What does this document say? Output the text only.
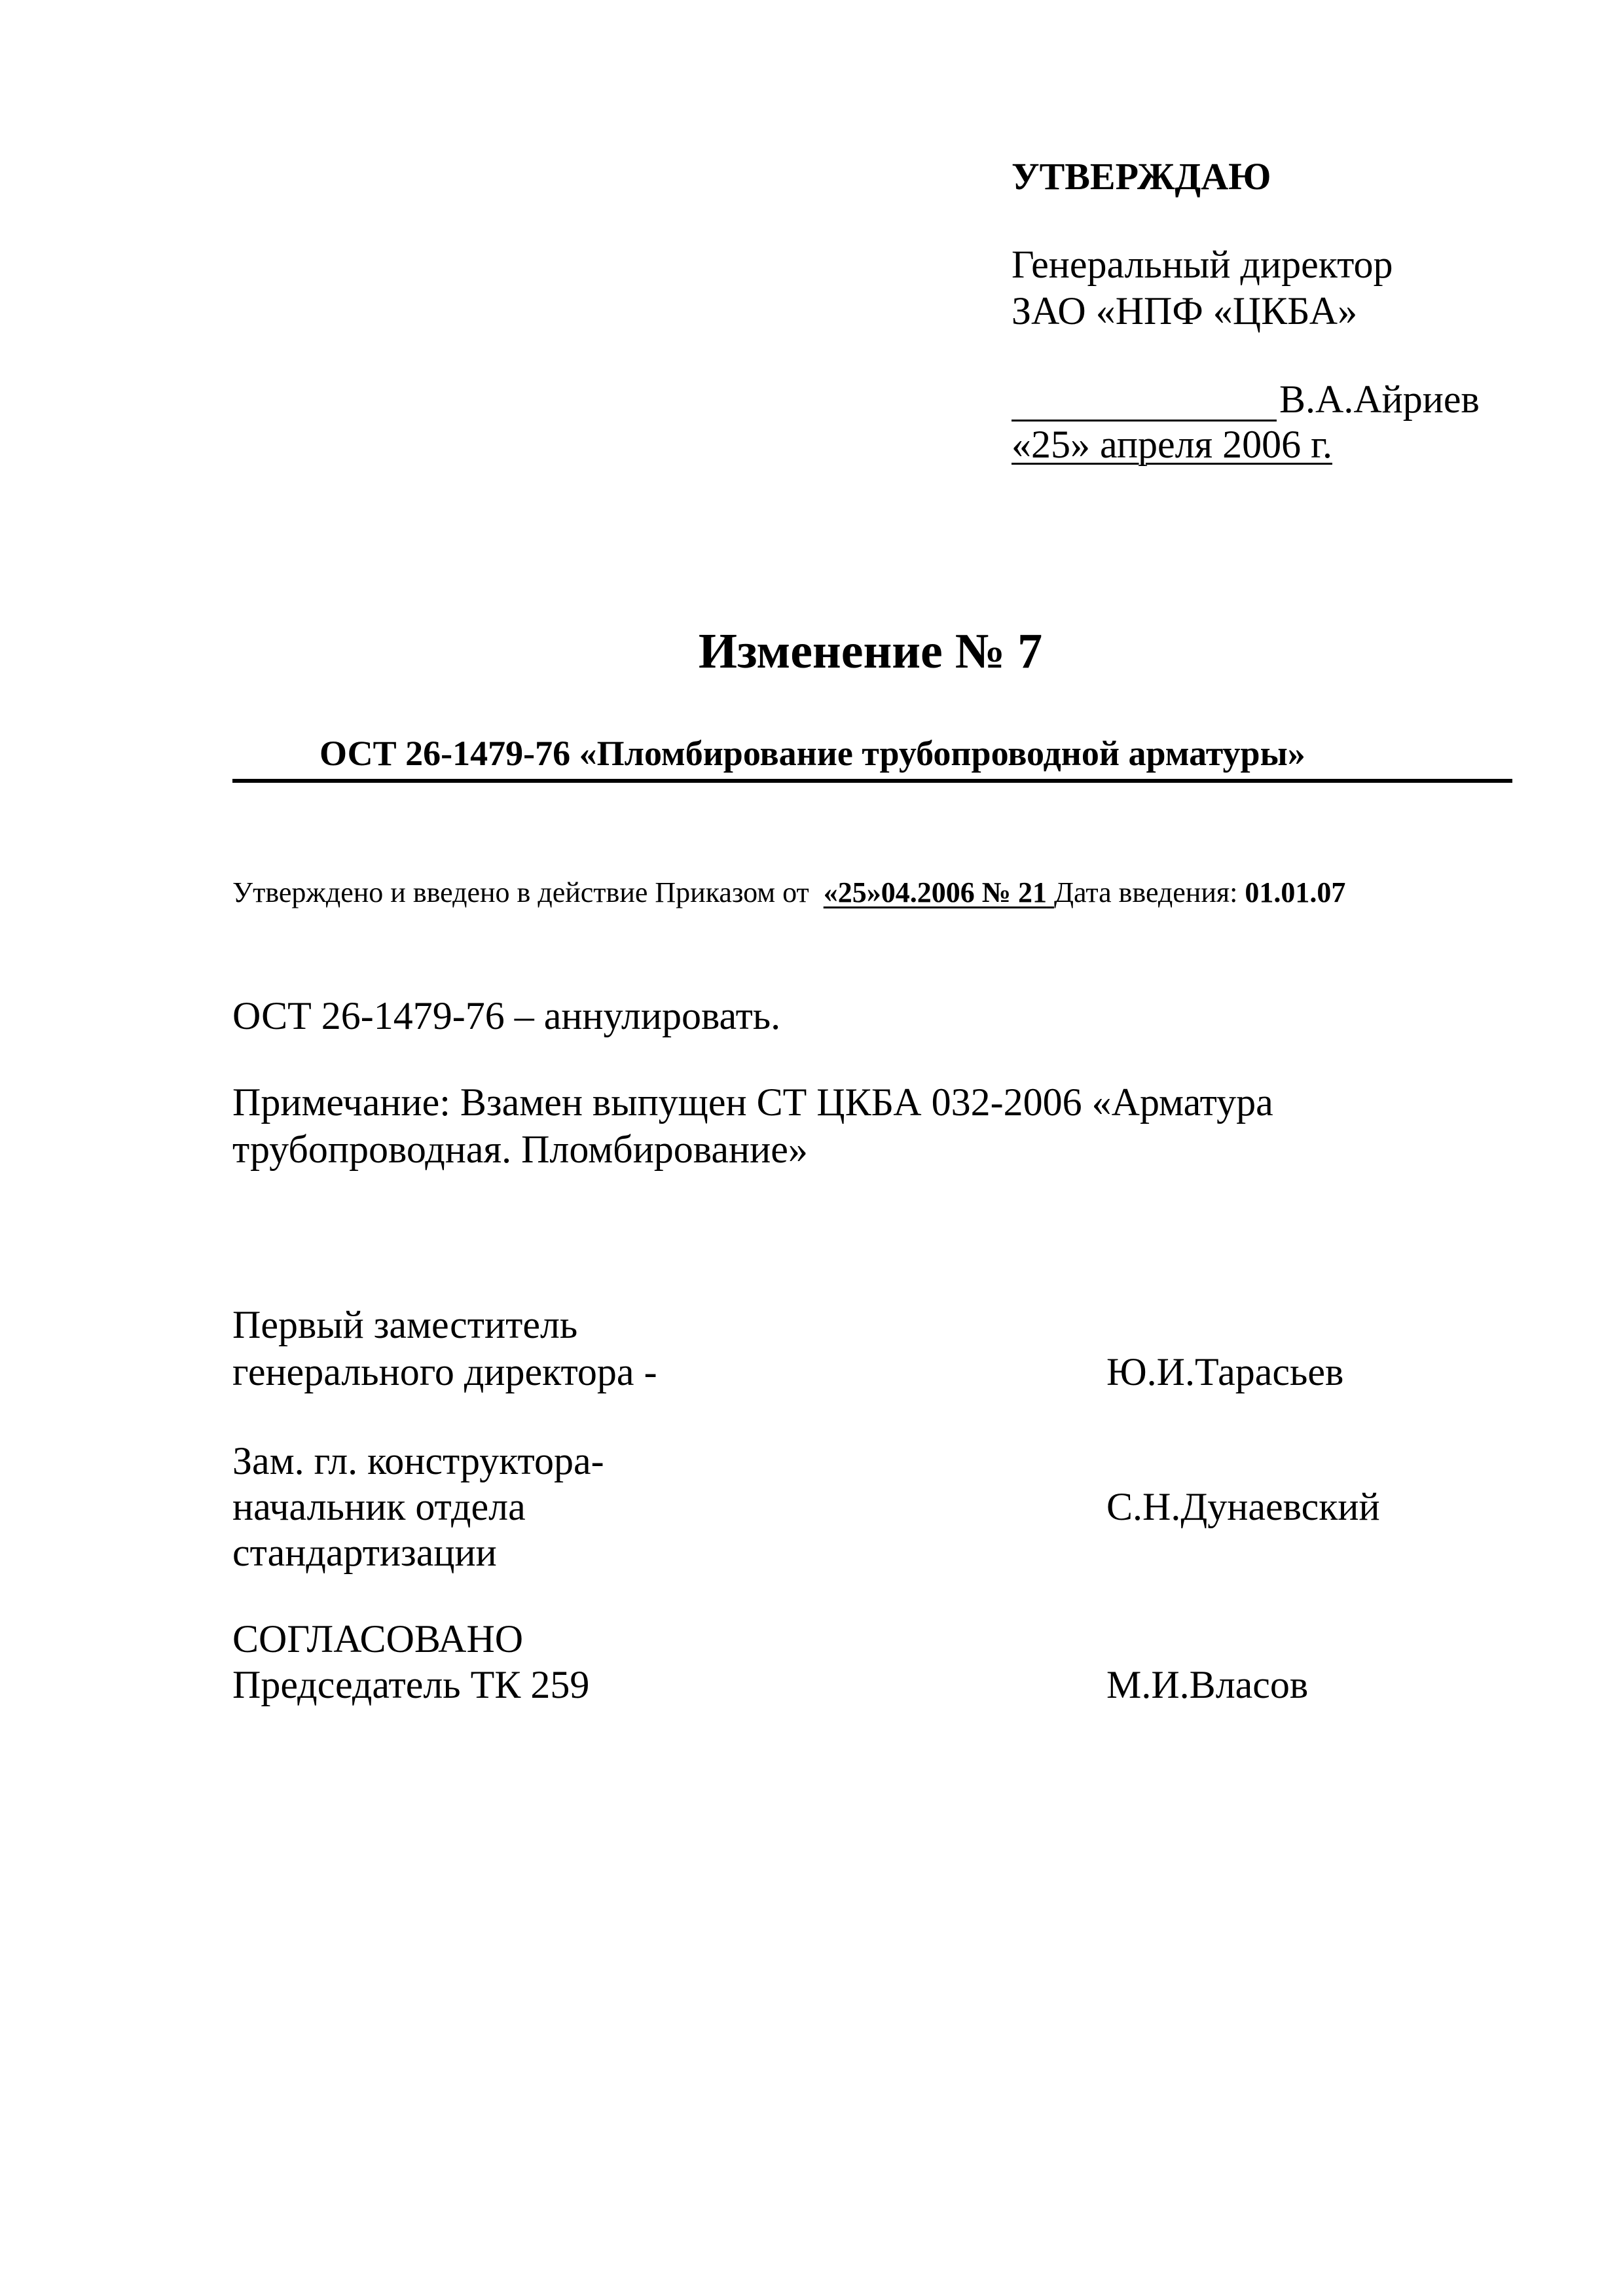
УТВЕРЖДАЮ
Генеральный директор
ЗАО «НПФ «ЦКБА»
В.А.Айриев
«25» апреля 2006 г.
Изменение № 7
ОСТ 26-1479-76 «Пломбирование трубопроводной арматуры»
Утверждено и введено в действие Приказом от «25»04.2006 № 21 Дата введения: 01.01.07
ОСТ 26-1479-76 – аннулировать.
Примечание: Взамен выпущен СТ ЦКБА 032-2006 «Арматура
трубопроводная. Пломбирование»
Первый заместитель
генерального директора -	Ю.И.Тарасьев
Зам. гл. конструктора-
начальник отдела
стандартизации
С.Н.Дунаевский
СОГЛАСОВАНО
Председатель ТК 259	М.И.Власов
